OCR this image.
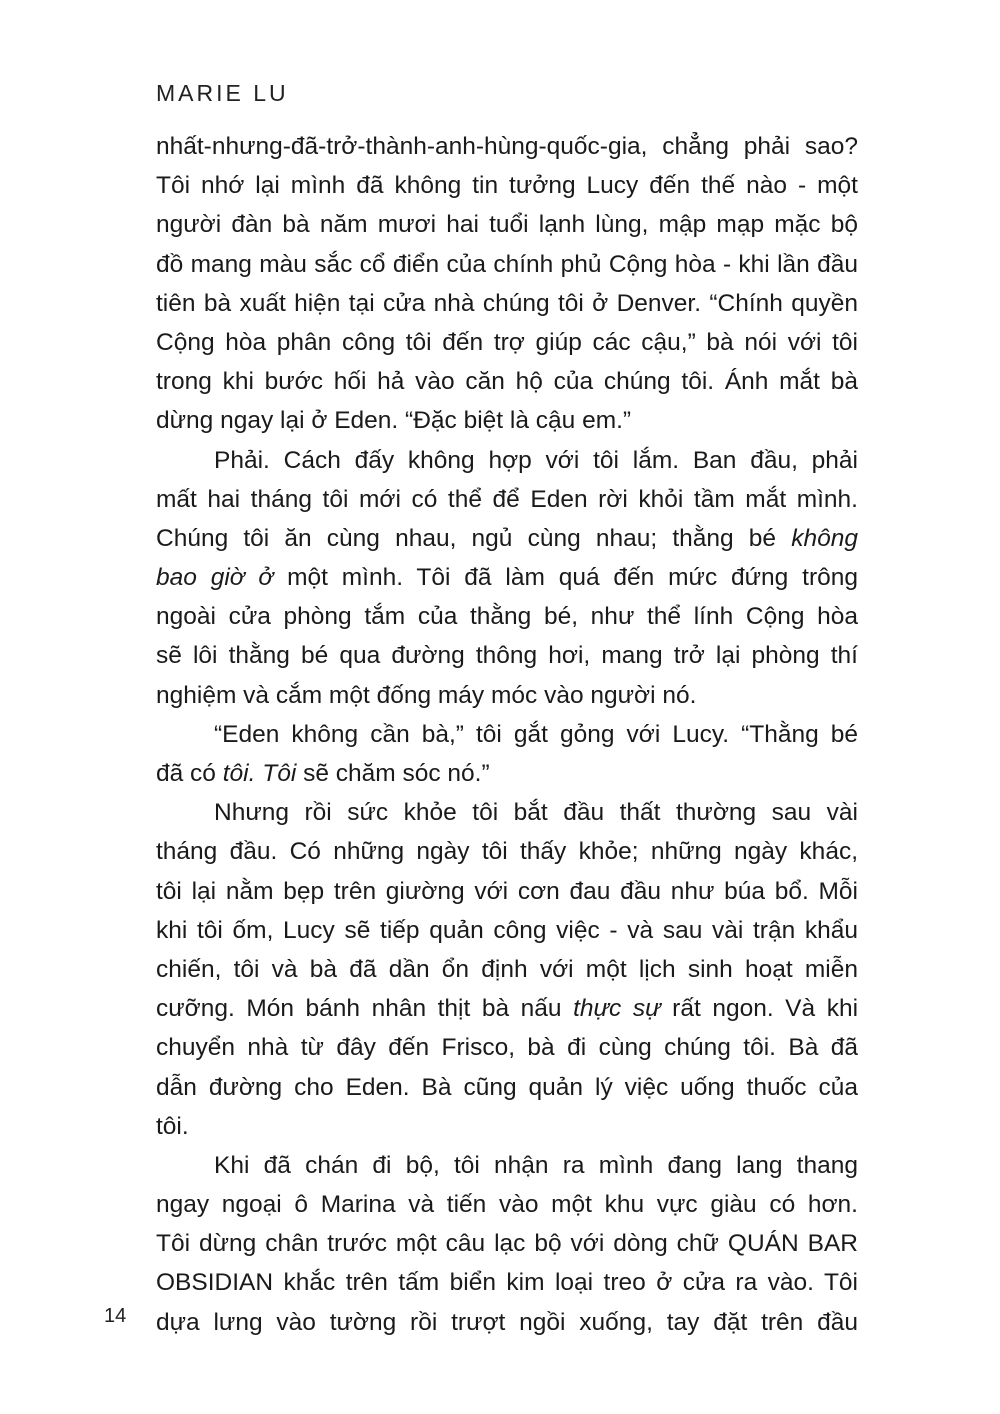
MARIE LU
nhất-nhưng-đã-trở-thành-anh-hùng-quốc-gia, chẳng phải sao?
Tôi nhớ lại mình đã không tin tưởng Lucy đến thế nào - một
người đàn bà năm mươi hai tuổi lạnh lùng, mập mạp mặc bộ
đồ mang màu sắc cổ điển của chính phủ Cộng hòa - khi lần đầu
tiên bà xuất hiện tại cửa nhà chúng tôi ở Denver. “Chính quyền
Cộng hòa phân công tôi đến trợ giúp các cậu,” bà nói với tôi
trong khi bước hối hả vào căn hộ của chúng tôi. Ánh mắt bà
dừng ngay lại ở Eden. “Đặc biệt là cậu em.”
Phải. Cách đấy không hợp với tôi lắm. Ban đầu, phải
mất hai tháng tôi mới có thể để Eden rời khỏi tầm mắt mình.
Chúng tôi ăn cùng nhau, ngủ cùng nhau; thằng bé không
bao giờ ở một mình. Tôi đã làm quá đến mức đứng trông
ngoài cửa phòng tắm của thằng bé, như thể lính Cộng hòa
sẽ lôi thằng bé qua đường thông hơi, mang trở lại phòng thí
nghiệm và cắm một đống máy móc vào người nó.
“Eden không cần bà,” tôi gắt gỏng với Lucy. “Thằng bé
đã có tôi. Tôi sẽ chăm sóc nó.”
Nhưng rồi sức khỏe tôi bắt đầu thất thường sau vài
tháng đầu. Có những ngày tôi thấy khỏe; những ngày khác,
tôi lại nằm bẹp trên giường với cơn đau đầu như búa bổ. Mỗi
khi tôi ốm, Lucy sẽ tiếp quản công việc - và sau vài trận khẩu
chiến, tôi và bà đã dần ổn định với một lịch sinh hoạt miễn
cưỡng. Món bánh nhân thịt bà nấu thực sự rất ngon. Và khi
chuyển nhà từ đây đến Frisco, bà đi cùng chúng tôi. Bà đã
dẫn đường cho Eden. Bà cũng quản lý việc uống thuốc của
tôi.
Khi đã chán đi bộ, tôi nhận ra mình đang lang thang
ngay ngoại ô Marina và tiến vào một khu vực giàu có hơn.
Tôi dừng chân trước một câu lạc bộ với dòng chữ QUÁN BAR
OBSIDIAN khắc trên tấm biển kim loại treo ở cửa ra vào. Tôi
dựa lưng vào tường rồi trượt ngồi xuống, tay đặt trên đầu
14
